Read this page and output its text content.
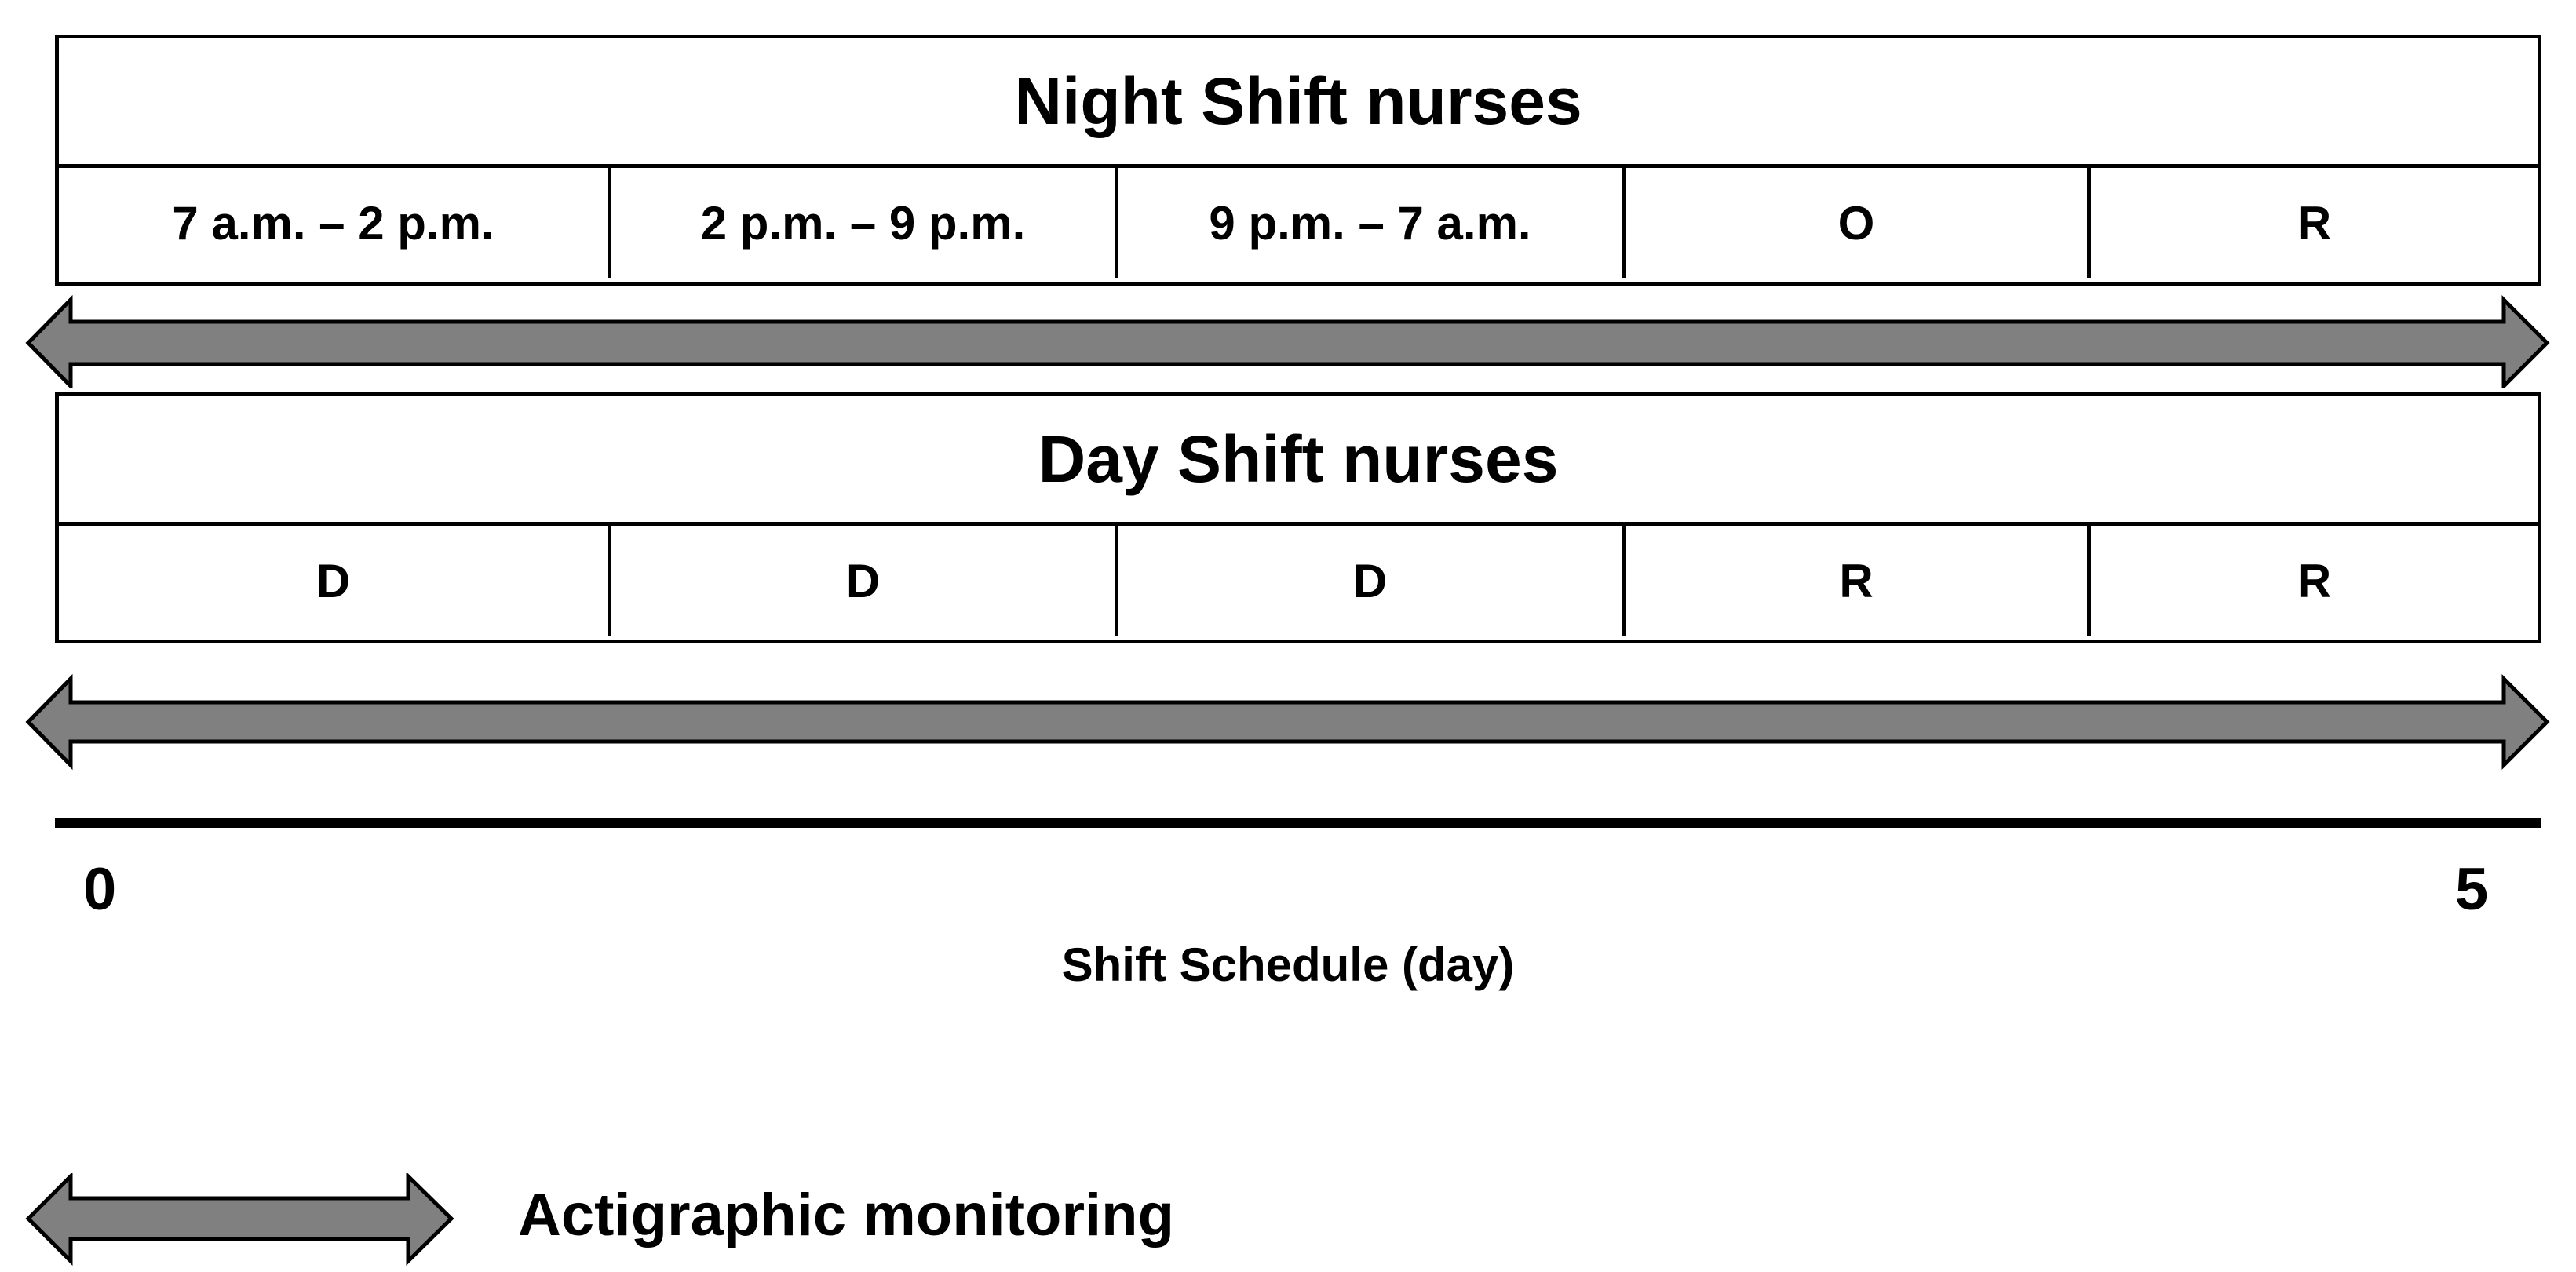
Night Shift nurses
7 a.m. – 2 p.m.	2 p.m. – 9 p.m.	9 p.m. – 7 a.m.	O	R
Day Shift nurses
D	D	D	R	R
0	5
Shift Schedule (day)
Actigraphic monitoring
